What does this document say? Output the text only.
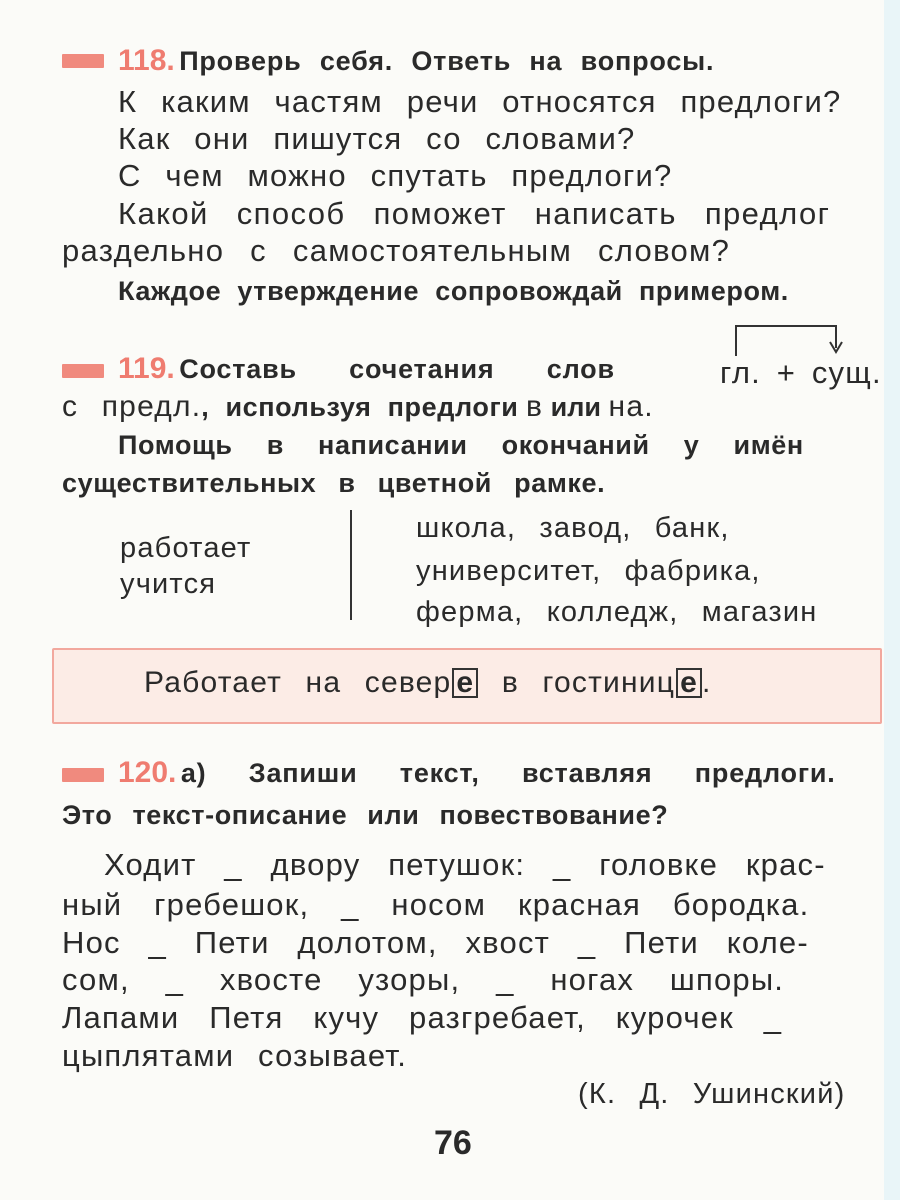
118. Проверь себя. Ответь на вопросы.
К каким частям речи относятся предлоги?
Как они пишутся со словами?
С чем можно спутать предлоги?
Какой способ поможет написать предлог
раздельно с самостоятельным словом?
Каждое утверждение сопровождай примером.
119. Составь сочетания слов	гл. + сущ.
с предл., используя предлоги в или на.
Помощь в написании окончаний у имён
существительных в цветной рамке.
работает
учится
школа, завод, банк,
университет, фабрика,
ферма, колледж, магазин
Работает на север е в гостиниц е .
120. а) Запиши текст, вставляя предлоги.
Это текст-описание или повествование?
Ходит _ двору петушок: _ головке крас-
ный гребешок, _ носом красная бородка.
Нос _ Пети долотом, хвост _ Пети коле-
сом, _ хвосте узоры, _ ногах шпоры.
Лапами Петя кучу разгребает, курочек _
цыплятами созывает.
(К. Д. Ушинский)
76
